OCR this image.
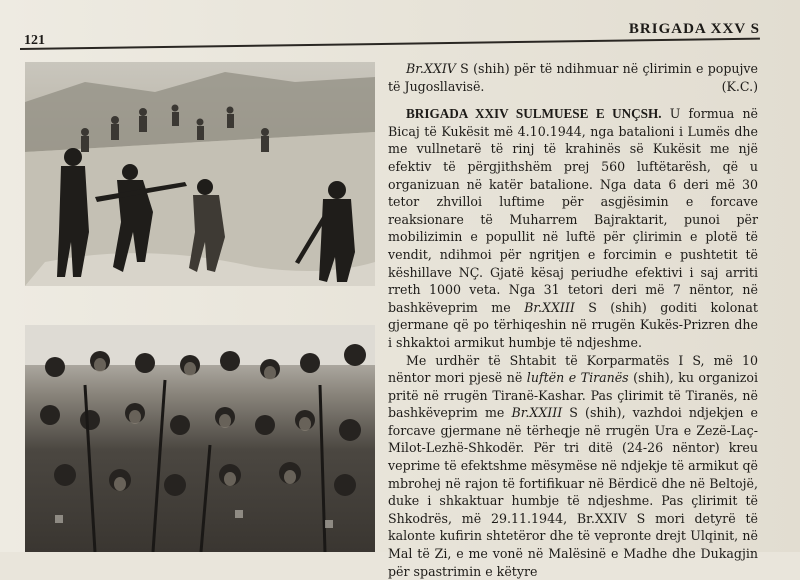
121
BRIGADA XXV S

Br.XXIV S (shih) për të ndihmuar në çlirimin e popujve të Jugosllavisë.	(K.C.)

BRIGADA XXIV SULMUESE E UNÇSH. U formua në Bicaj të Kukësit më 4.10.1944, nga batalioni i Lumës dhe me vullnetarë të rinj të krahinës së Kukësit me një efektiv të përgjithshëm prej 560 luftëtarësh, që u organizuan në katër batalione. Nga data 6 deri më 30 tetor zhvilloi luftime për asgjësimin e forcave reaksionare të Muharrem Bajraktarit, punoi për mobilizimin e popullit në luftë për çlirimin e plotë të vendit, ndihmoi për ngritjen e forcimin e pushtetit të këshillave NÇ. Gjatë kësaj periudhe efektivi i saj arriti rreth 1000 veta. Nga 31 tetori deri më 7 nëntor, në bashkëveprim me Br.XXIII S (shih) goditi kolonat gjermane që po tërhiqeshin në rrugën Kukës-Prizren dhe i shkaktoi armikut humbje të ndjeshme.

Me urdhër të Shtabit të Korparmatës I S, më 10 nëntor mori pjesë në luftën e Tiranës (shih), ku organizoi pritë në rrugën Tiranë-Kashar. Pas çlirimit të Tiranës, në bashkëveprim me Br.XXIII S (shih), vazhdoi ndjekjen e forcave gjermane në tërheqje në rrugën Ura e Zezë-Laç-Milot-Lezhë-Shkodër. Për tri ditë (24-26 nëntor) kreu veprime të efektshme mësymëse në ndjekje të armikut që mbrohej në rajon të fortifikuar në Bërdicë dhe në Beltojë, duke i shkaktuar humbje të ndjeshme. Pas çlirimit të Shkodrës, më 29.11.1944, Br.XXIV S mori detyrë të kalonte kufirin shtetëror dhe të vepronte drejt Ulqinit, në Mal të Zi, e me vonë në Malësinë e Madhe dhe Dukagjin për spastrimin e këtyre
